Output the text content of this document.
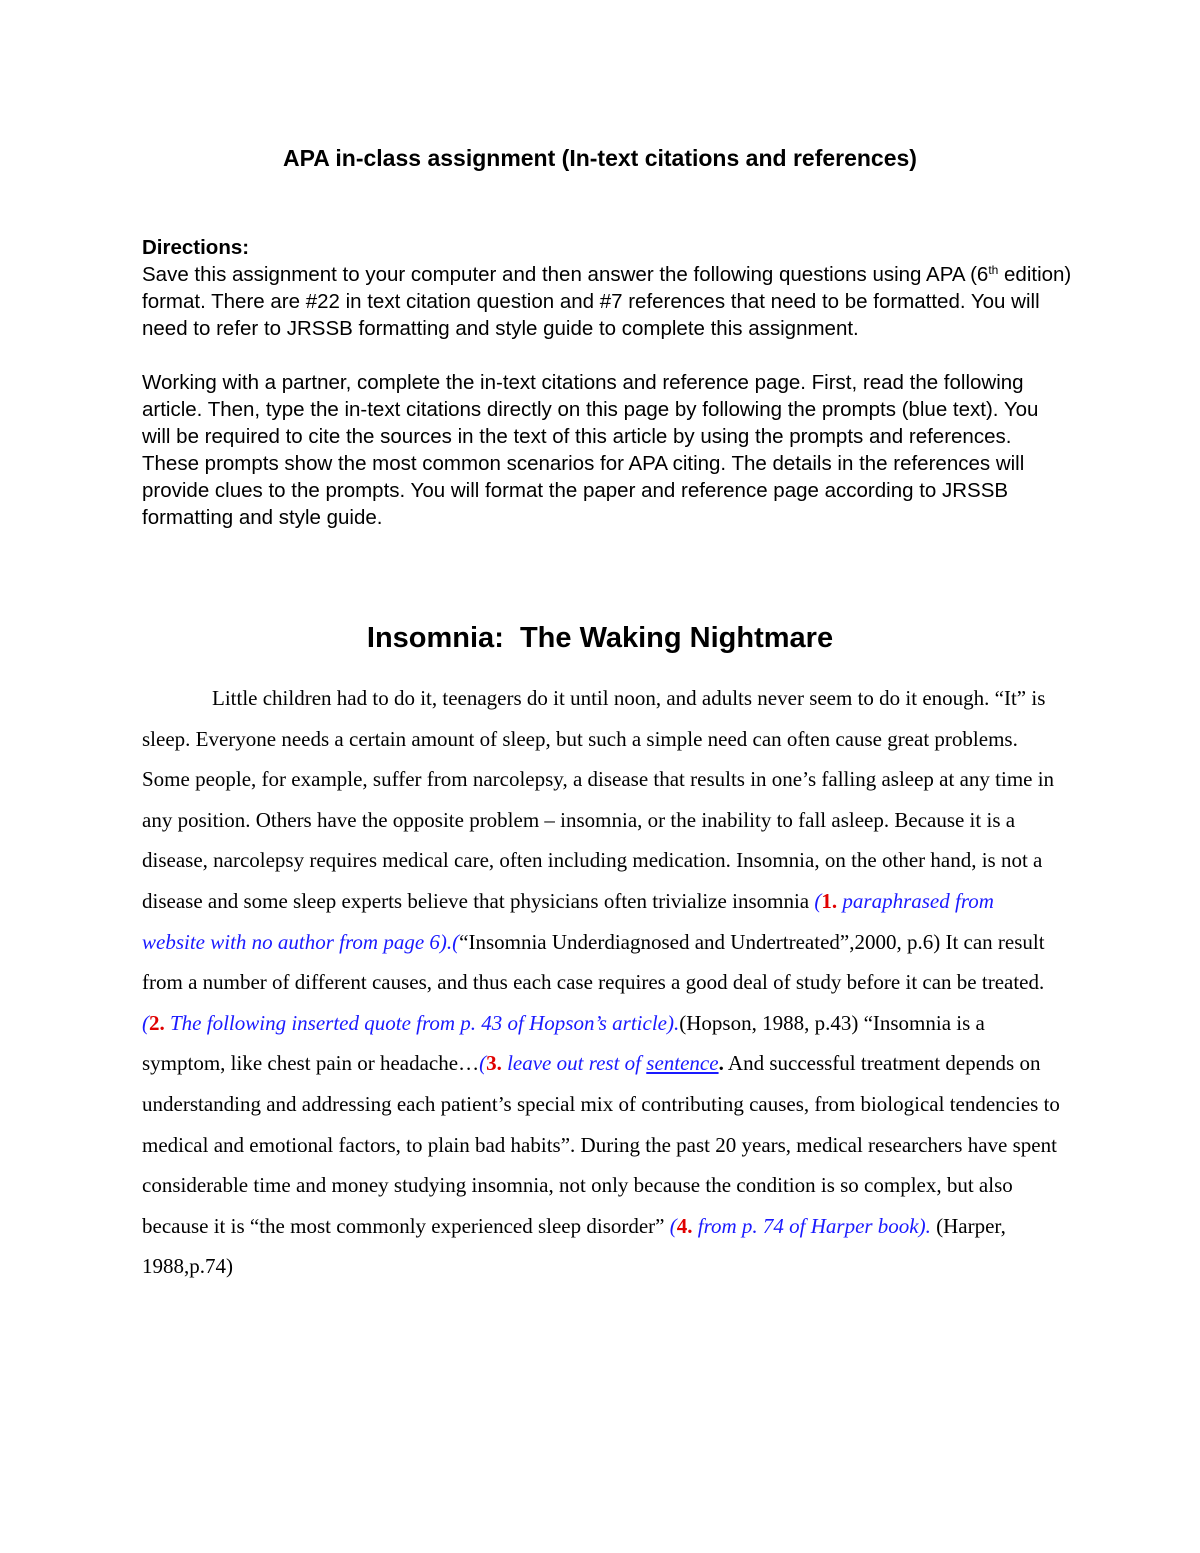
APA in-class assignment (In-text citations and references)
Directions:

Save this assignment to your computer and then answer the following questions using APA (6th edition) format. There are #22 in text citation question and #7 references that need to be formatted. You will need to refer to JRSSB formatting and style guide to complete this assignment.

Working with a partner, complete the in-text citations and reference page. First, read the following article. Then, type the in-text citations directly on this page by following the prompts (blue text). You will be required to cite the sources in the text of this article by using the prompts and references. These prompts show the most common scenarios for APA citing. The details in the references will provide clues to the prompts. You will format the paper and reference page according to JRSSB formatting and style guide.

Insomnia:  The Waking Nightmare

Little children had to do it, teenagers do it until noon, and adults never seem to do it enough. “It” is sleep. Everyone needs a certain amount of sleep, but such a simple need can often cause great problems. Some people, for example, suffer from narcolepsy, a disease that results in one’s falling asleep at any time in any position. Others have the opposite problem – insomnia, or the inability to fall asleep. Because it is a disease, narcolepsy requires medical care, often including medication. Insomnia, on the other hand, is not a disease and some sleep experts believe that physicians often trivialize insomnia (1. paraphrased from website with no author from page 6).(“Insomnia Underdiagnosed and Undertreated”,2000, p.6) It can result from a number of different causes, and thus each case requires a good deal of study before it can be treated. (2. The following inserted quote from p. 43 of Hopson’s article).(Hopson, 1988, p.43) “Insomnia is a symptom, like chest pain or headache…(3. leave out rest of sentence. And successful treatment depends on understanding and addressing each patient’s special mix of contributing causes, from biological tendencies to medical and emotional factors, to plain bad habits”. During the past 20 years, medical researchers have spent considerable time and money studying insomnia, not only because the condition is so complex, but also because it is “the most commonly experienced sleep disorder” (4. from p. 74 of Harper book). (Harper, 1988,p.74)
